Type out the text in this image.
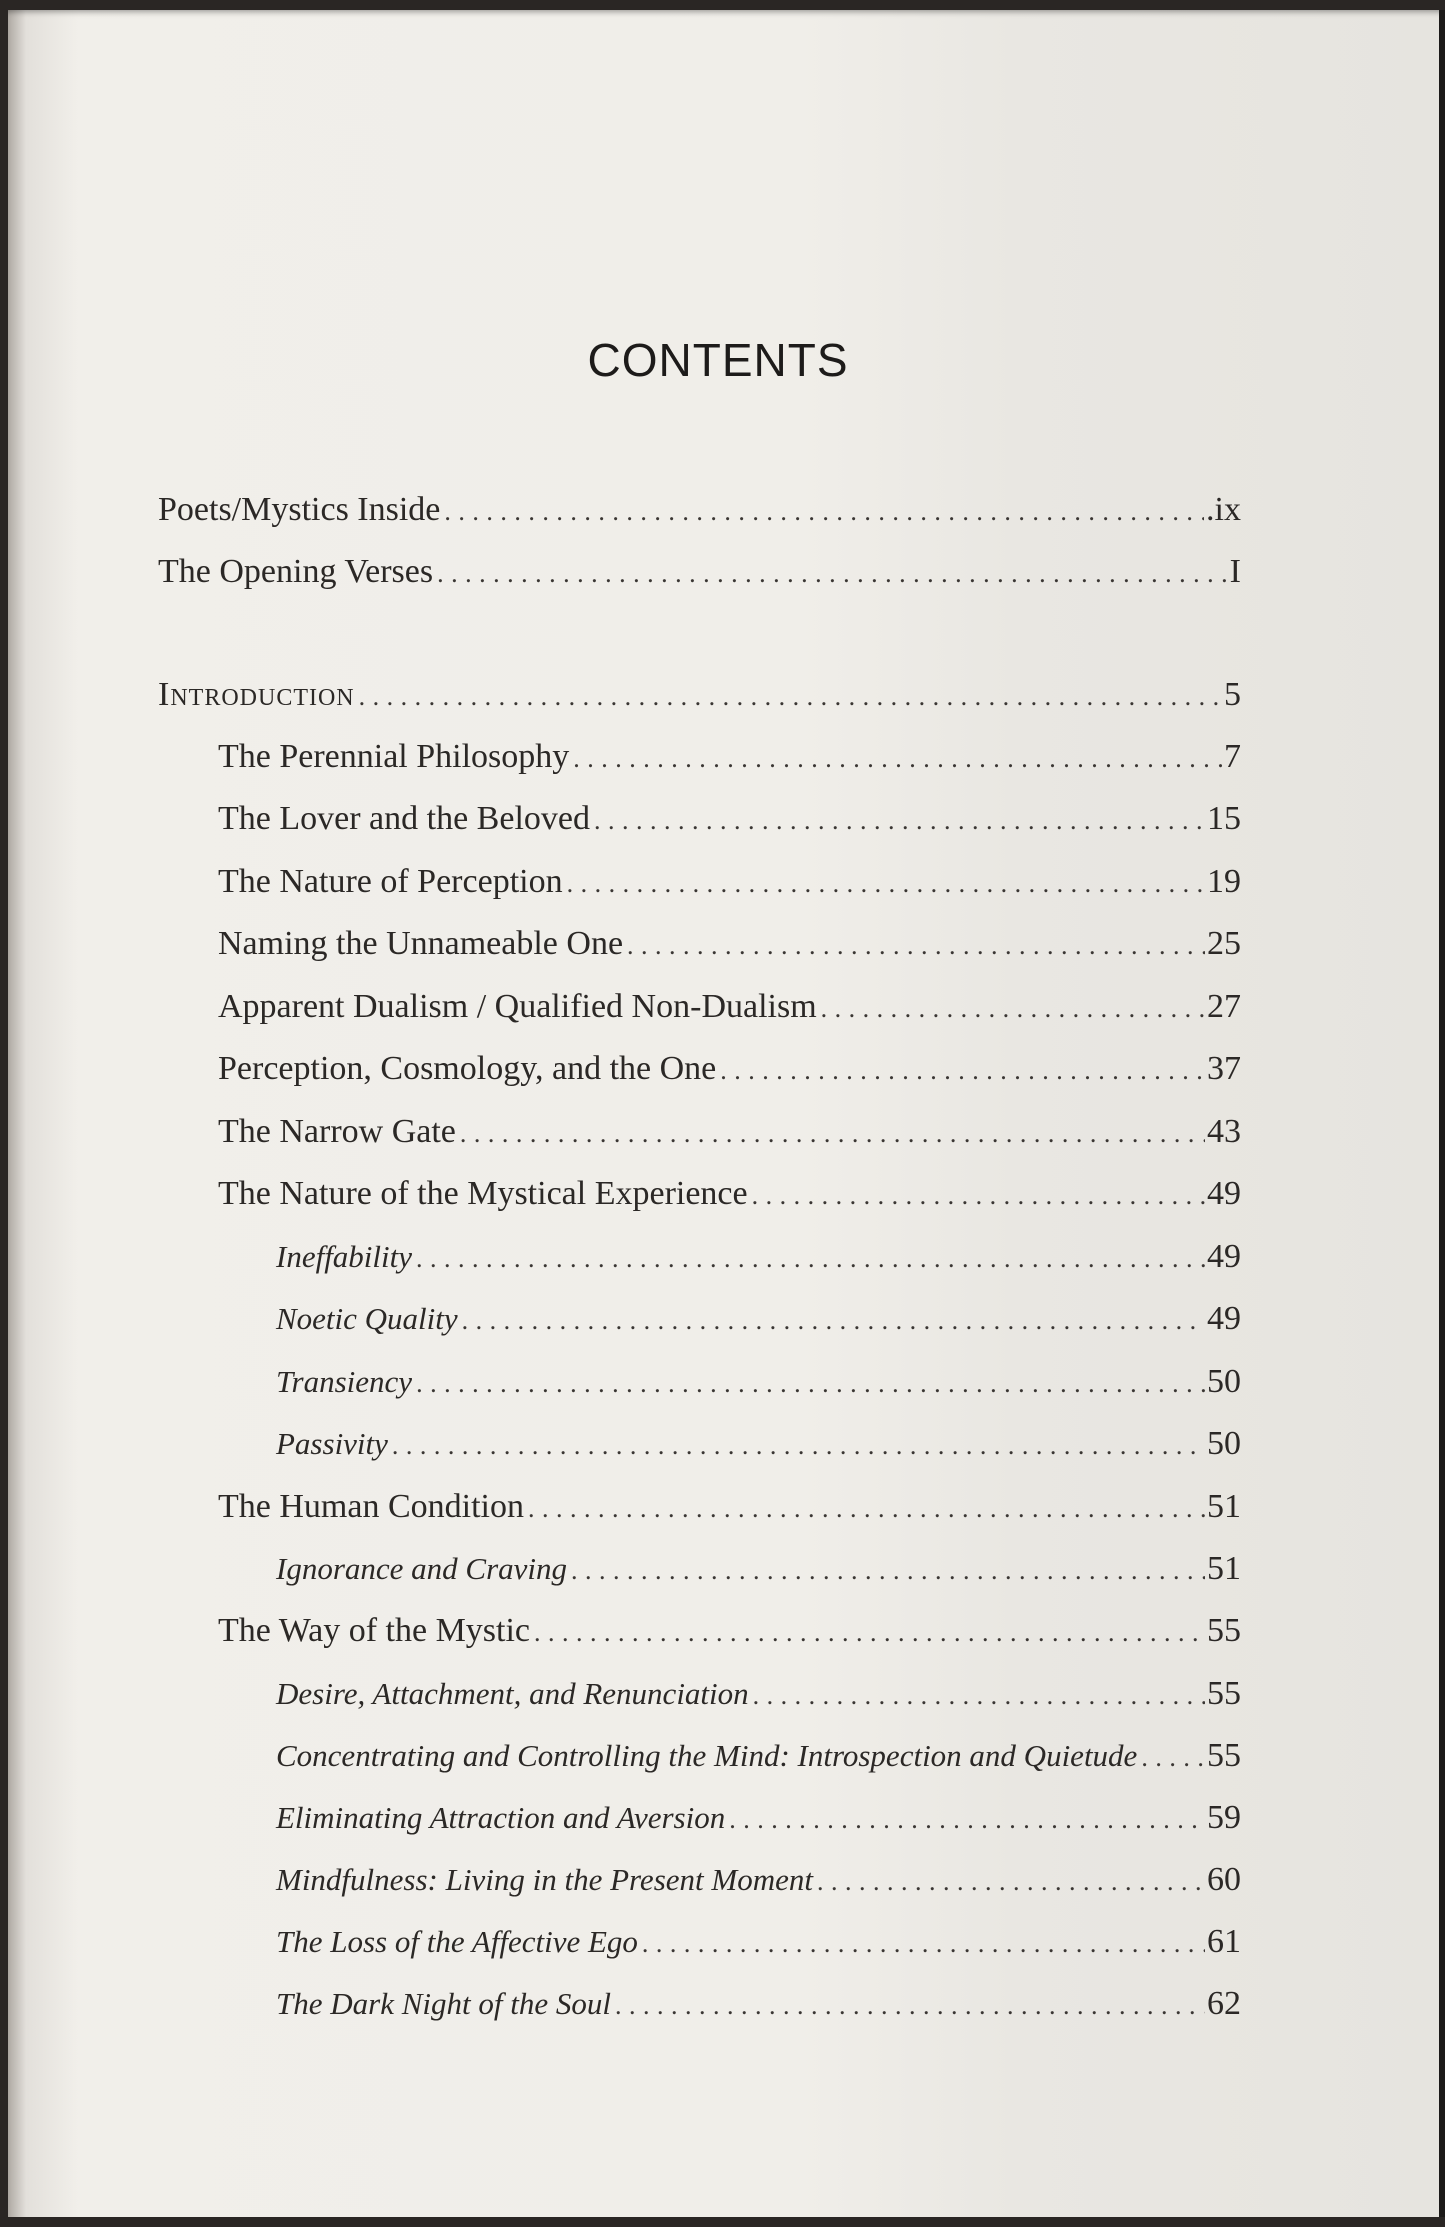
CONTENTS
Poets/Mystics Inside . . .	.ix
The Opening Verses . . .	I
Introduction . . .	5
The Perennial Philosophy . . .	7
The Lover and the Beloved . . .	15
The Nature of Perception . . .	19
Naming the Unnameable One . . .	25
Apparent Dualism / Qualified Non-Dualism . . .	27
Perception, Cosmology, and the One . . .	37
The Narrow Gate . . .	43
The Nature of the Mystical Experience . . .	49
Ineffability . . .	49
Noetic Quality . . .	49
Transiency . . .	50
Passivity . . .	50
The Human Condition . . .	51
Ignorance and Craving . . .	51
The Way of the Mystic . . .	55
Desire, Attachment, and Renunciation . . .	55
Concentrating and Controlling the Mind: Introspection and Quietude . . . 55
Eliminating Attraction and Aversion . . .	59
Mindfulness: Living in the Present Moment . . .	60
The Loss of the Affective Ego . . .	61
The Dark Night of the Soul . . .	62
